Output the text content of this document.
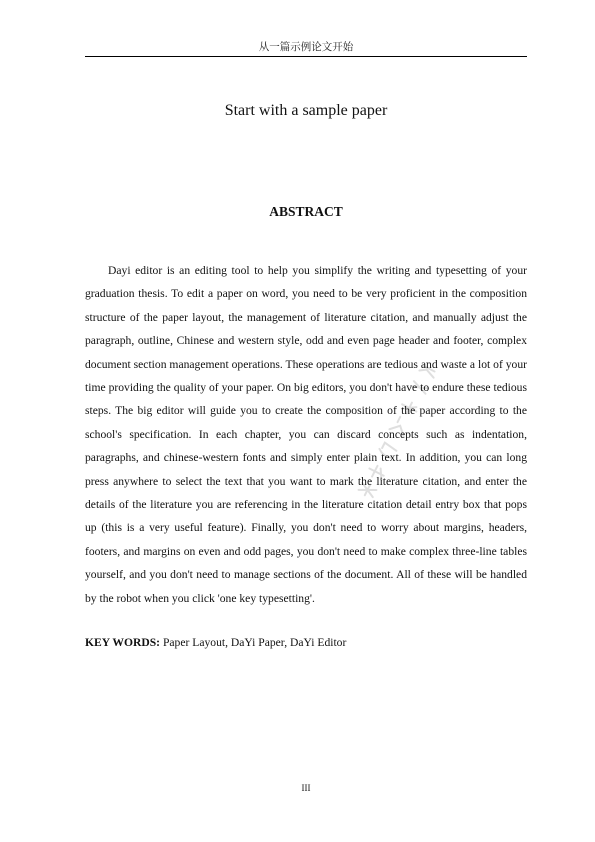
从一篇示例论文开始
Start with a sample paper
ABSTRACT

Dayi editor is an editing tool to help you simplify the writing and typesetting of your graduation thesis. To edit a paper on word, you need to be very proficient in the composition structure of the paper layout, the management of literature citation, and manually adjust the paragraph, outline, Chinese and western style, odd and even page header and footer, complex document section management operations. These operations are tedious and waste a lot of your time providing the quality of your paper. On big editors, you don't have to endure these tedious steps. The big editor will guide you to create the composition of the paper according to the school's specification. In each chapter, you can discard concepts such as indentation, paragraphs, and chinese-western fonts and simply enter plain text. In addition, you can long press anywhere to select the text that you want to mark the literature citation, and enter the details of the literature you are referencing in the literature citation detail entry box that pops up (this is a very useful feature). Finally, you don't need to worry about margins, headers, footers, and margins on even and odd pages, you don't need to make complex three-line tables yourself, and you don't need to manage sections of the document. All of these will be handled by the robot when you click 'one key typesetting'.

KEY WORDS: Paper Layout, DaYi Paper, DaYi Editor

III
